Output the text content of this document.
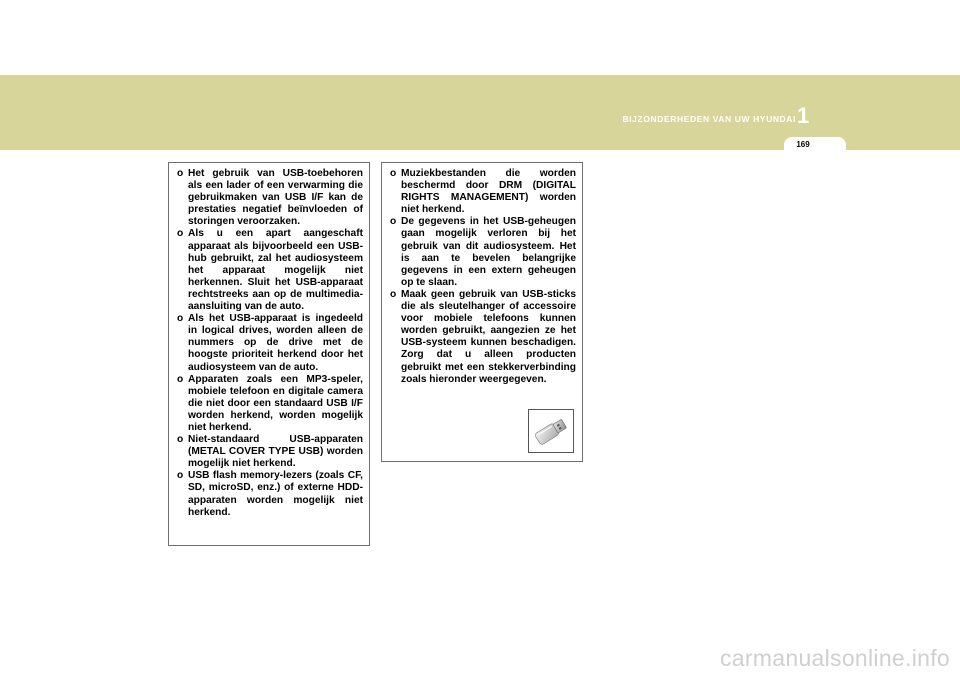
BIJZONDERHEDEN VAN UW HYUNDAI 1
169
o Het gebruik van USB-toebehoren als een lader of een verwarming die gebruikmaken van USB I/F kan de prestaties negatief beïnvloeden of storingen veroorzaken.
o Als u een apart aangeschaft apparaat als bijvoorbeeld een USB-hub gebruikt, zal het audiosysteem het apparaat mogelijk niet herkennen. Sluit het USB-apparaat rechtstreeks aan op de multimedia-aansluiting van de auto.
o Als het USB-apparaat is ingedeeld in logical drives, worden alleen de nummers op de drive met de hoogste prioriteit herkend door het audiosysteem van de auto.
o Apparaten zoals een MP3-speler, mobiele telefoon en digitale camera die niet door een standaard USB I/F worden herkend, worden mogelijk niet herkend.
o Niet-standaard USB-apparaten (METAL COVER TYPE USB) worden mogelijk niet herkend.
o USB flash memory-lezers (zoals CF, SD, microSD, enz.) of externe HDD-apparaten worden mogelijk niet herkend.
o Muziekbestanden die worden beschermd door DRM (DIGITAL RIGHTS MANAGEMENT) worden niet herkend.
o De gegevens in het USB-geheugen gaan mogelijk verloren bij het gebruik van dit audiosysteem. Het is aan te bevelen belangrijke gegevens in een extern geheugen op te slaan.
o Maak geen gebruik van USB-sticks die als sleutelhanger of accessoire voor mobiele telefoons kunnen worden gebruikt, aangezien ze het USB-systeem kunnen beschadigen. Zorg dat u alleen producten gebruikt met een stekkerverbinding zoals hieronder weergegeven.
carmanualsonline.info
